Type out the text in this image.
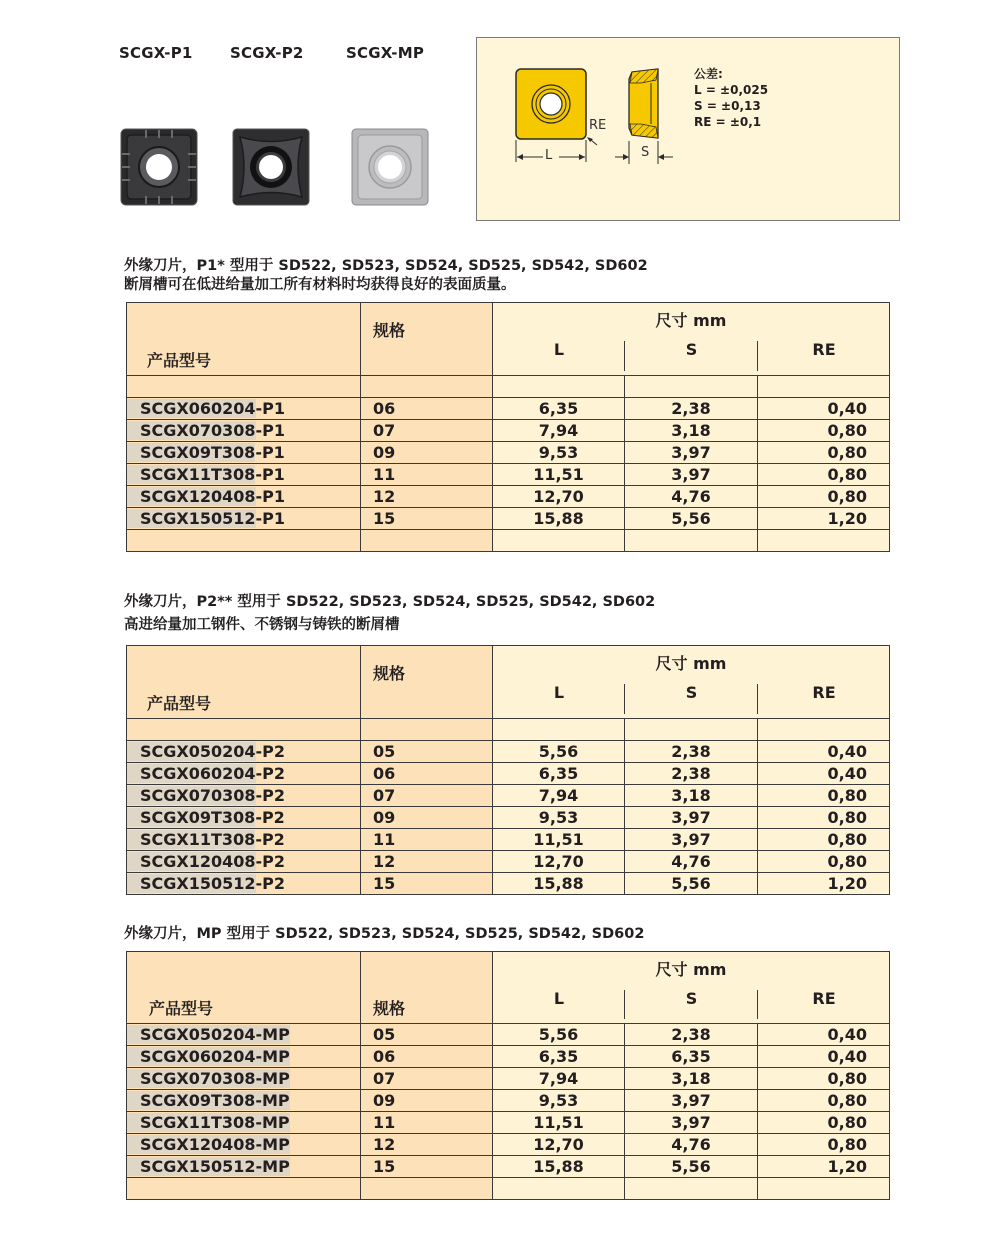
SCGX-P1 SCGX-P2	SCGX-MP
RE
L	S
公差:
L = ±0,025
S = ±0,13
RE = ±0,1
外缘刀片，P1* 型用于 SD522, SD523, SD524, SD525, SD542, SD602
断屑槽可在低进给量加工所有材料时均获得良好的表面质量。
产品型号	规格	尺寸 mm
L S RE		

SCGX060204-P1	06	6,35	2,38	0,40
SCGX070308-P1	07	7,94	3,18	0,80
SCGX09T308-P1	09	9,53	3,97	0,80
SCGX11T308-P1	11	11,51	3,97	0,80
SCGX120408-P1	12	12,70	4,76	0,80
SCGX150512-P1	15	15,88	5,56	1,20

外缘刀片，P2** 型用于 SD522, SD523, SD524, SD525, SD542, SD602
高进给量加工钢件、不锈钢与铸铁的断屑槽
产品型号	规格	尺寸 mm
L S RE		

SCGX050204-P2	05	5,56	2,38	0,40
SCGX060204-P2	06	6,35	2,38	0,40
SCGX070308-P2	07	7,94	3,18	0,80
SCGX09T308-P2	09	9,53	3,97	0,80
SCGX11T308-P2	11	11,51	3,97	0,80
SCGX120408-P2	12	12,70	4,76	0,80
SCGX150512-P2	15	15,88	5,56	1,20
外缘刀片，MP 型用于 SD522, SD523, SD524, SD525, SD542, SD602
产品型号	规格	尺寸 mm
L S RE		

SCGX050204-MP	05	5,56	2,38	0,40
SCGX060204-MP	06	6,35	6,35	0,40
SCGX070308-MP	07	7,94	3,18	0,80
SCGX09T308-MP	09	9,53	3,97	0,80
SCGX11T308-MP	11	11,51	3,97	0,80
SCGX120408-MP	12	12,70	4,76	0,80
SCGX150512-MP	15	15,88	5,56	1,20
